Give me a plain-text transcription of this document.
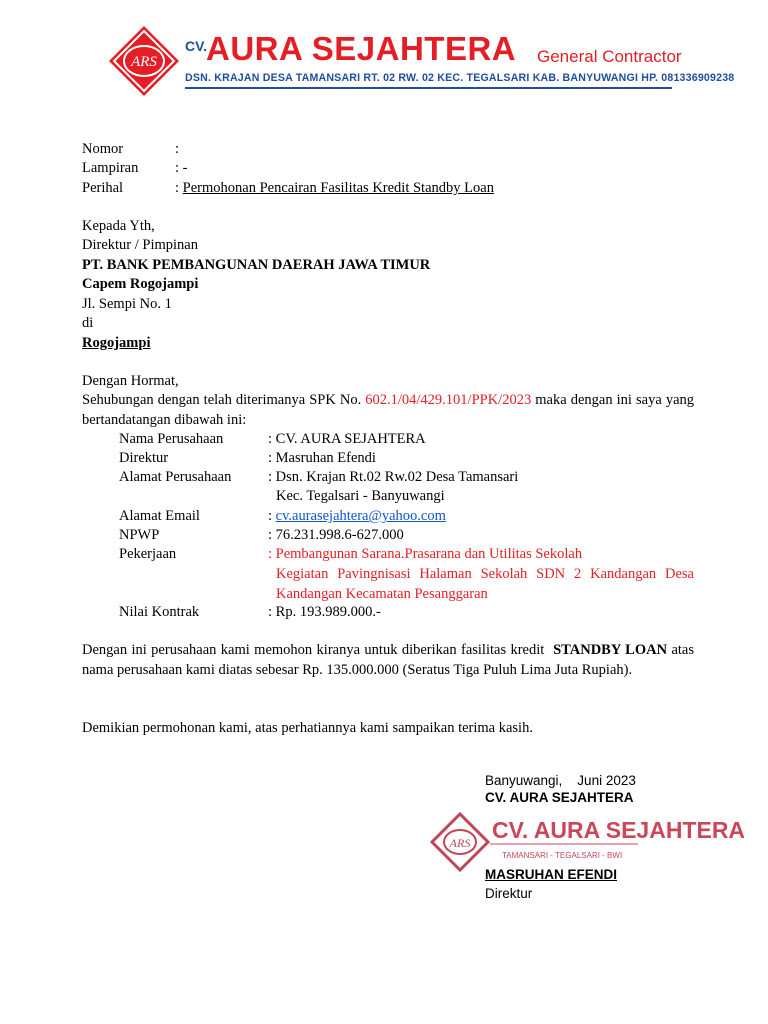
ARS
CV.
AURA SEJAHTERA General Contractor
DSN. KRAJAN DESA TAMANSARI RT. 02 RW. 02 KEC. TEGALSARI KAB. BANYUWANGI HP. 081336909238
Nomor	:
Lampiran	: -
Perihal	: Permohonan Pencairan Fasilitas Kredit Standby Loan
Kepada Yth,
Direktur / Pimpinan
PT. BANK PEMBANGUNAN DAERAH JAWA TIMUR
Capem Rogojampi
Jl. Sempi No. 1
di
Rogojampi
Dengan Hormat,
Sehubungan dengan telah diterimanya SPK No. 602.1/04/429.101/PPK/2023 maka dengan ini saya yang bertandatangan dibawah ini:
Nama Perusahaan	: CV. AURA SEJAHTERA
Direktur	: Masruhan Efendi
Alamat Perusahaan	: Dsn. Krajan Rt.02 Rw.02 Desa Tamansari
Kec. Tegalsari - Banyuwangi
Alamat Email	: cv.aurasejahtera@yahoo.com
NPWP	: 76.231.998.6-627.000
Pekerjaan	: Pembangunan Sarana.Prasarana dan Utilitas Sekolah
Kegiatan Pavingnisasi Halaman Sekolah SDN 2 Kandangan Desa Kandangan Kecamatan Pesanggaran
Nilai Kontrak	: Rp. 193.989.000.-
Dengan ini perusahaan kami memohon kiranya untuk diberikan fasilitas kredit  STANDBY LOAN atas nama perusahaan kami diatas sebesar Rp. 135.000.000 (Seratus Tiga Puluh Lima Juta Rupiah).
Demikian permohonan kami, atas perhatiannya kami sampaikan terima kasih.
Banyuwangi,    Juni 2023
CV. AURA SEJAHTERA
ARS CV. AURA SEJAHTERA
TAMANSARI - TEGALSARI - BWI
MASRUHAN EFENDI
Direktur
